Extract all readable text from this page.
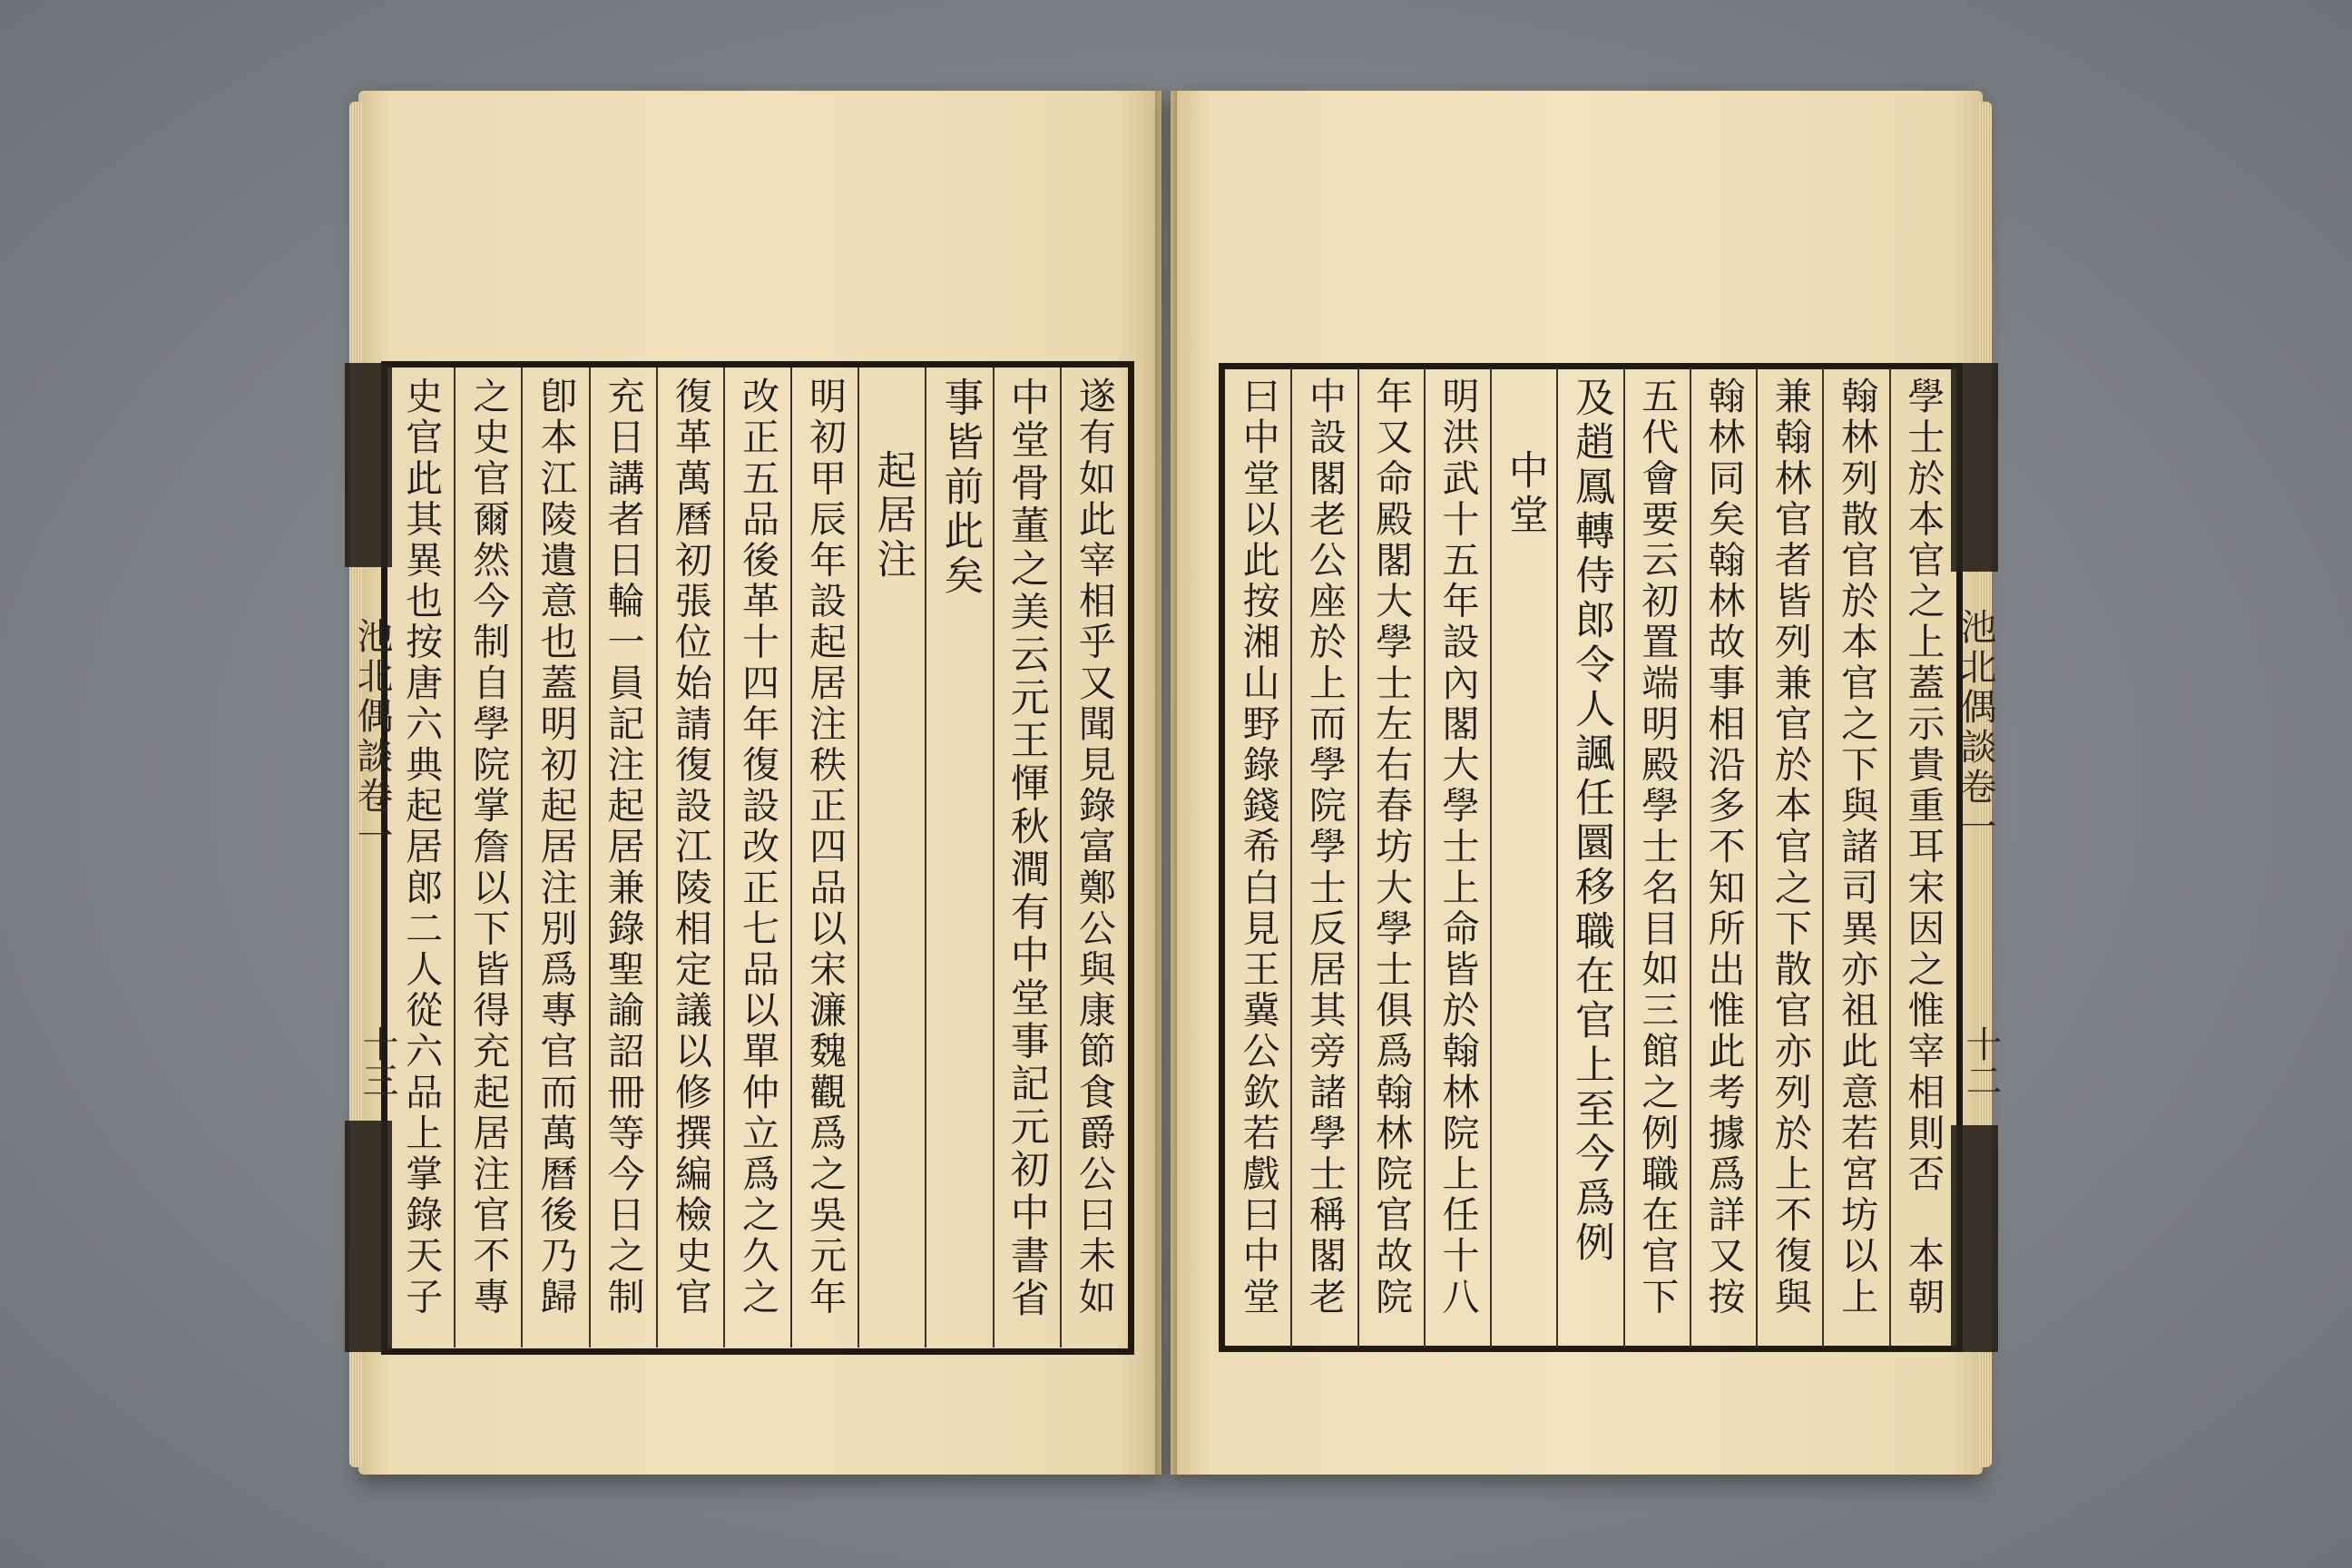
池北偶談卷一
十三	遂有如此宰相乎又聞見錄富鄭公與康節食爵公曰未如
中堂骨董之美云元王惲秋澗有中堂事記元初中書省
事皆前此矣
起居注
明初甲辰年設起居注秩正四品以宋濂魏觀爲之吳元年
改正五品後革十四年復設改正七品以單仲立爲之久之
復革萬曆初張位始請復設江陵相定議以修撰編檢史官
充日講者日輪一員記注起居兼錄聖諭詔冊等今日之制
卽本江陵遺意也蓋明初起居注別爲專官而萬曆後乃歸
之史官爾然今制自學院掌詹以下皆得充起居注官不專
史官此其異也按唐六典起居郎二人從六品上掌錄天子	池北偶談卷一
十二
學士於本官之上蓋示貴重耳宋因之惟宰相則否　本朝
翰林列散官於本官之下與諸司異亦祖此意若宮坊以上
兼翰林官者皆列兼官於本官之下散官亦列於上不復與
翰林同矣翰林故事相沿多不知所出惟此考據爲詳又按
五代會要云初置端明殿學士名目如三館之例職在官下
及趙鳳轉侍郎令人諷任圜移職在官上至今爲例
中堂
明洪武十五年設內閣大學士上命皆於翰林院上任十八
年又命殿閣大學士左右春坊大學士俱爲翰林院官故院
中設閣老公座於上而學院學士反居其旁諸學士稱閣老
曰中堂以此按湘山野錄錢希白見王冀公欽若戲曰中堂
